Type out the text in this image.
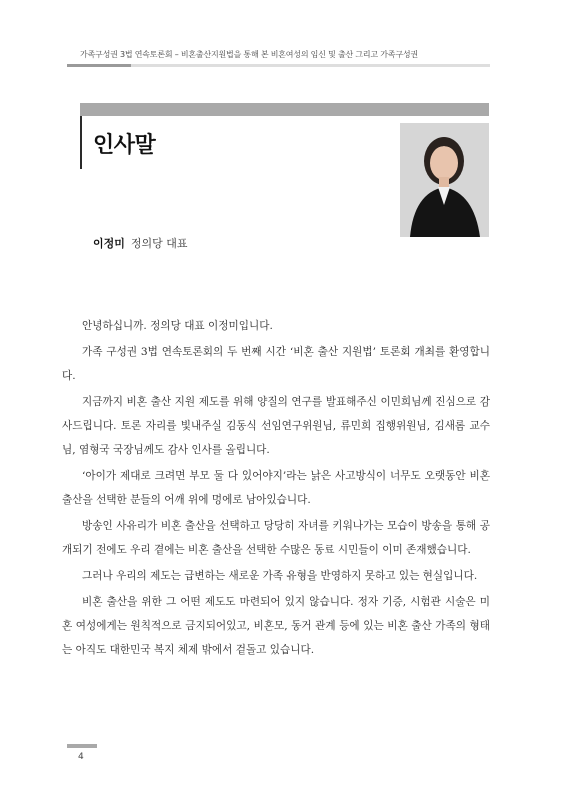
가족구성권 3법 연속토론회 – 비혼출산지원법을 통해 본 비혼여성의 임신 및 출산 그리고 가족구성권
인사말
이정미 정의당 대표

안녕하십니까. 정의당 대표 이정미입니다.

가족 구성권 3법 연속토론회의 두 번째 시간 ‘비혼 출산 지원법’ 토론회 개최를 환영합니다.

지금까지 비혼 출산 지원 제도를 위해 양질의 연구를 발표해주신 이민희님께 진심으로 감사드립니다. 토론 자리를 빛내주실 김동식 선임연구위원님, 류민희 집행위원님, 김새롬 교수님, 염형국 국장님께도 감사 인사를 올립니다.

‘아이가 제대로 크려면 부모 둘 다 있어야지’라는 낡은 사고방식이 너무도 오랫동안 비혼 출산을 선택한 분들의 어깨 위에 멍에로 남아있습니다.

방송인 사유리가 비혼 출산을 선택하고 당당히 자녀를 키워나가는 모습이 방송을 통해 공개되기 전에도 우리 곁에는 비혼 출산을 선택한 수많은 동료 시민들이 이미 존재했습니다.

그러나 우리의 제도는 급변하는 새로운 가족 유형을 반영하지 못하고 있는 현실입니다.

비혼 출산을 위한 그 어떤 제도도 마련되어 있지 않습니다. 정자 기증, 시험관 시술은 미혼 여성에게는 원칙적으로 금지되어있고, 비혼모, 동거 관계 등에 있는 비혼 출산 가족의 형태는 아직도 대한민국 복지 체제 밖에서 겉돌고 있습니다.

4
